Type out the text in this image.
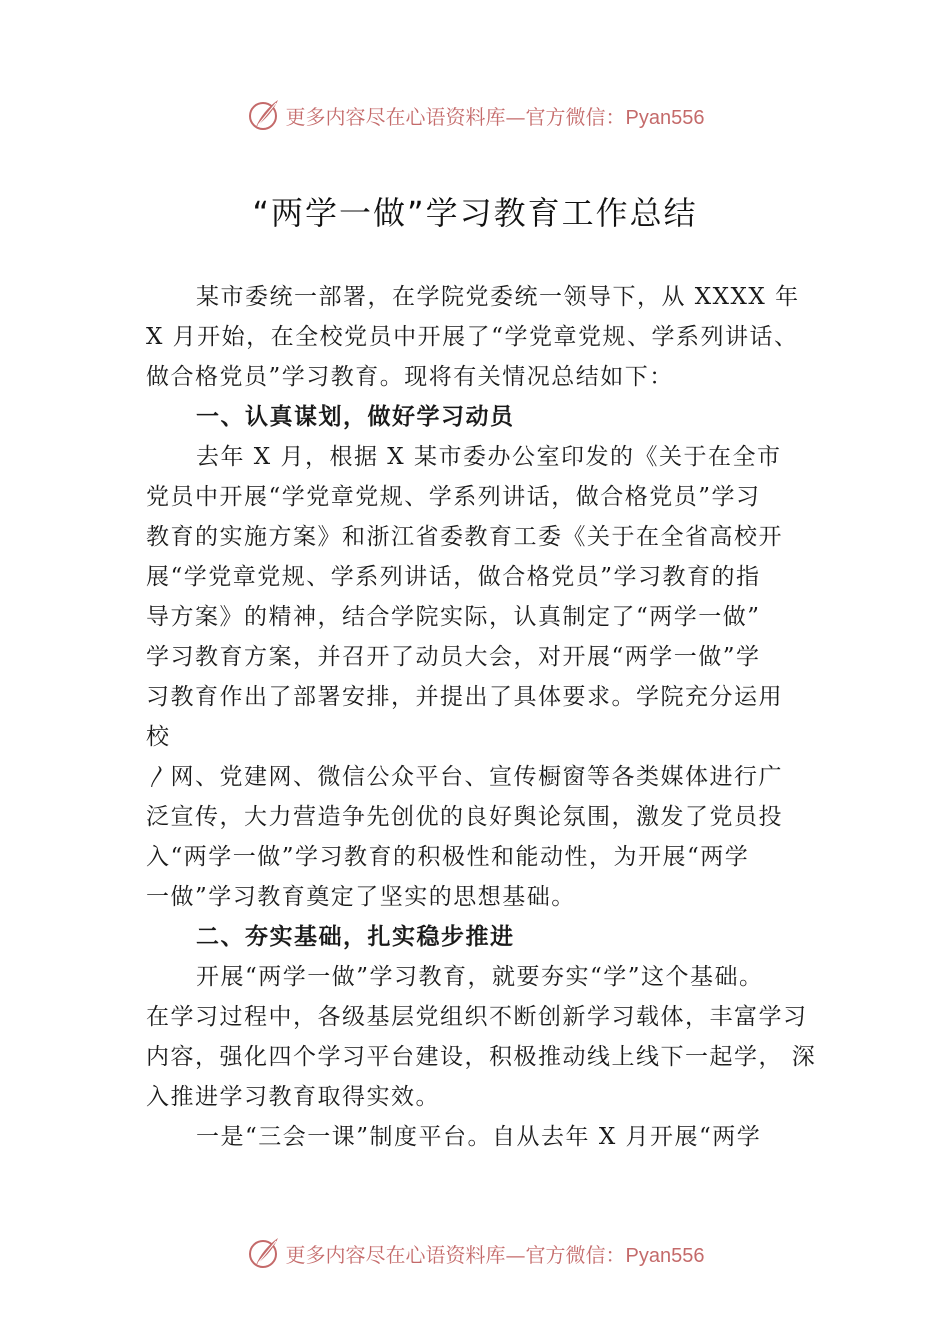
更多内容尽在心语资料库—官方微信：Pyan556
“两学一做”学习教育工作总结
某市委统一部署，在学院党委统一领导下，从 XXXX 年
X 月开始，在全校党员中开展了“学党章党规、学系列讲话、
做合格党员”学习教育。现将有关情况总结如下：
一、认真谋划，做好学习动员
去年 X 月，根据 X 某市委办公室印发的《关于在全市
党员中开展“学党章党规、学系列讲话，做合格党员”学习
教育的实施方案》和浙江省委教育工委《关于在全省高校开
展“学党章党规、学系列讲话，做合格党员”学习教育的指
导方案》的精神，结合学院实际，认真制定了“两学一做”
学习教育方案，并召开了动员大会，对开展“两学一做”学
习教育作出了部署安排，并提出了具体要求。学院充分运用
校
〳网、党建网、微信公众平台、宣传橱窗等各类媒体进行广
泛宣传，大力营造争先创优的良好舆论氛围，激发了党员投
入“两学一做”学习教育的积极性和能动性，为开展“两学
一做”学习教育奠定了坚实的思想基础。
二、夯实基础，扎实稳步推进
开展“两学一做”学习教育，就要夯实“学”这个基础。
在学习过程中，各级基层党组织不断创新学习载体，丰富学习
内容，强化四个学习平台建设，积极推动线上线下一起学， 深
入推进学习教育取得实效。
一是“三会一课”制度平台。自从去年 X 月开展“两学
更多内容尽在心语资料库—官方微信：Pyan556
